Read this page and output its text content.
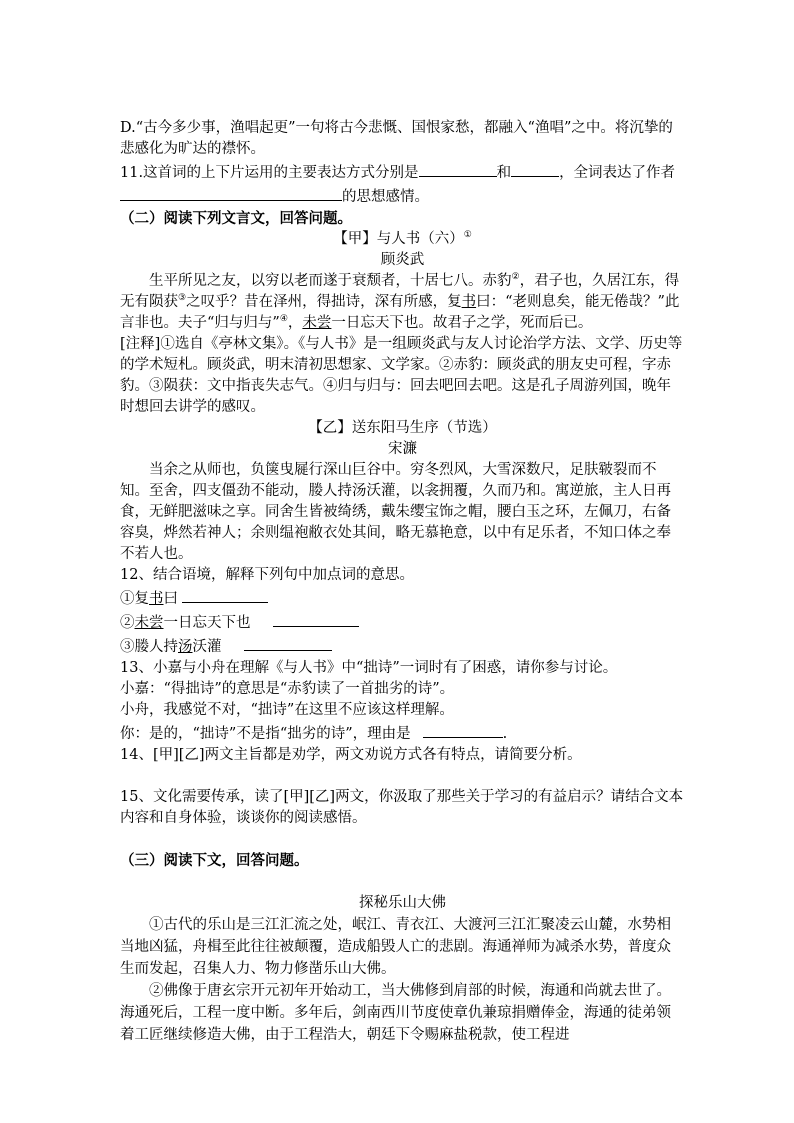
D.“古今多少事，渔唱起更”一句将古今悲慨、国恨家愁，都融入“渔唱”之中。将沉挚的悲感化为旷达的襟怀。

11.这首词的上下片运用的主要表达方式分别是	和	，全词表达了作者的思想感情。

（二）阅读下列文言文，回答问题。

【甲】与人书（六）①

顾炎武

生平所见之友，以穷以老而遂于衰颓者，十居七八。赤豹②，君子也，久居江东，得无有陨获③之叹乎？昔在泽州，得拙诗，深有所感，复书曰：“老则息矣，能无倦哉？”此言非也。夫子“归与归与”④，未尝一日忘天下也。故君子之学，死而后已。

[注释]①选自《亭林文集》。《与人书》是一组顾炎武与友人讨论治学方法、文学、历史等的学术短札。顾炎武，明末清初思想家、文学家。②赤豹：顾炎武的朋友史可程，字赤豹。③陨获：文中指丧失志气。④归与归与：回去吧回去吧。这是孔子周游列国，晚年时想回去讲学的感叹。

【乙】送东阳马生序（节选）

宋濂

当余之从师也，负箧曳屣行深山巨谷中。穷冬烈风，大雪深数尺，足肤皲裂而不知。至舍，四支僵劲不能动，媵人持汤沃灌，以衾拥覆，久而乃和。寓逆旅，主人日再食，无鲜肥滋味之享。同舍生皆被绮绣，戴朱缨宝饰之帽，腰白玉之环，左佩刀，右备容臭，烨然若神人；余则缊袍敝衣处其间，略无慕艳意，以中有足乐者，不知口体之奉不若人也。

12、结合语境，解释下列句中加点词的意思。

①复书曰

②未尝一日忘天下也

③媵人持汤沃灌

13、小嘉与小舟在理解《与人书》中“拙诗”一词时有了困惑，请你参与讨论。

小嘉：“得拙诗”的意思是“赤豹读了一首拙劣的诗”。

小舟，我感觉不对，“拙诗”在这里不应该这样理解。

你：是的，“拙诗”不是指“拙劣的诗”，理由是	.

14、[甲][乙]两文主旨都是劝学，两文劝说方式各有特点，请简要分析。

15、文化需要传承，读了[甲][乙]两文，你汲取了那些关于学习的有益启示？请结合文本内容和自身体验，谈谈你的阅读感悟。

（三）阅读下文，回答问题。

探秘乐山大佛

①古代的乐山是三江汇流之处，岷江、青衣江、大渡河三江汇聚凌云山麓，水势相当地凶猛，舟楫至此往往被颠覆，造成船毁人亡的悲剧。海通禅师为减杀水势，普度众生而发起，召集人力、物力修凿乐山大佛。

②佛像于唐玄宗开元初年开始动工，当大佛修到肩部的时候，海通和尚就去世了。海通死后，工程一度中断。多年后，剑南西川节度使章仇兼琼捐赠俸金，海通的徒弟领着工匠继续修造大佛，由于工程浩大，朝廷下令赐麻盐税款，使工程进
